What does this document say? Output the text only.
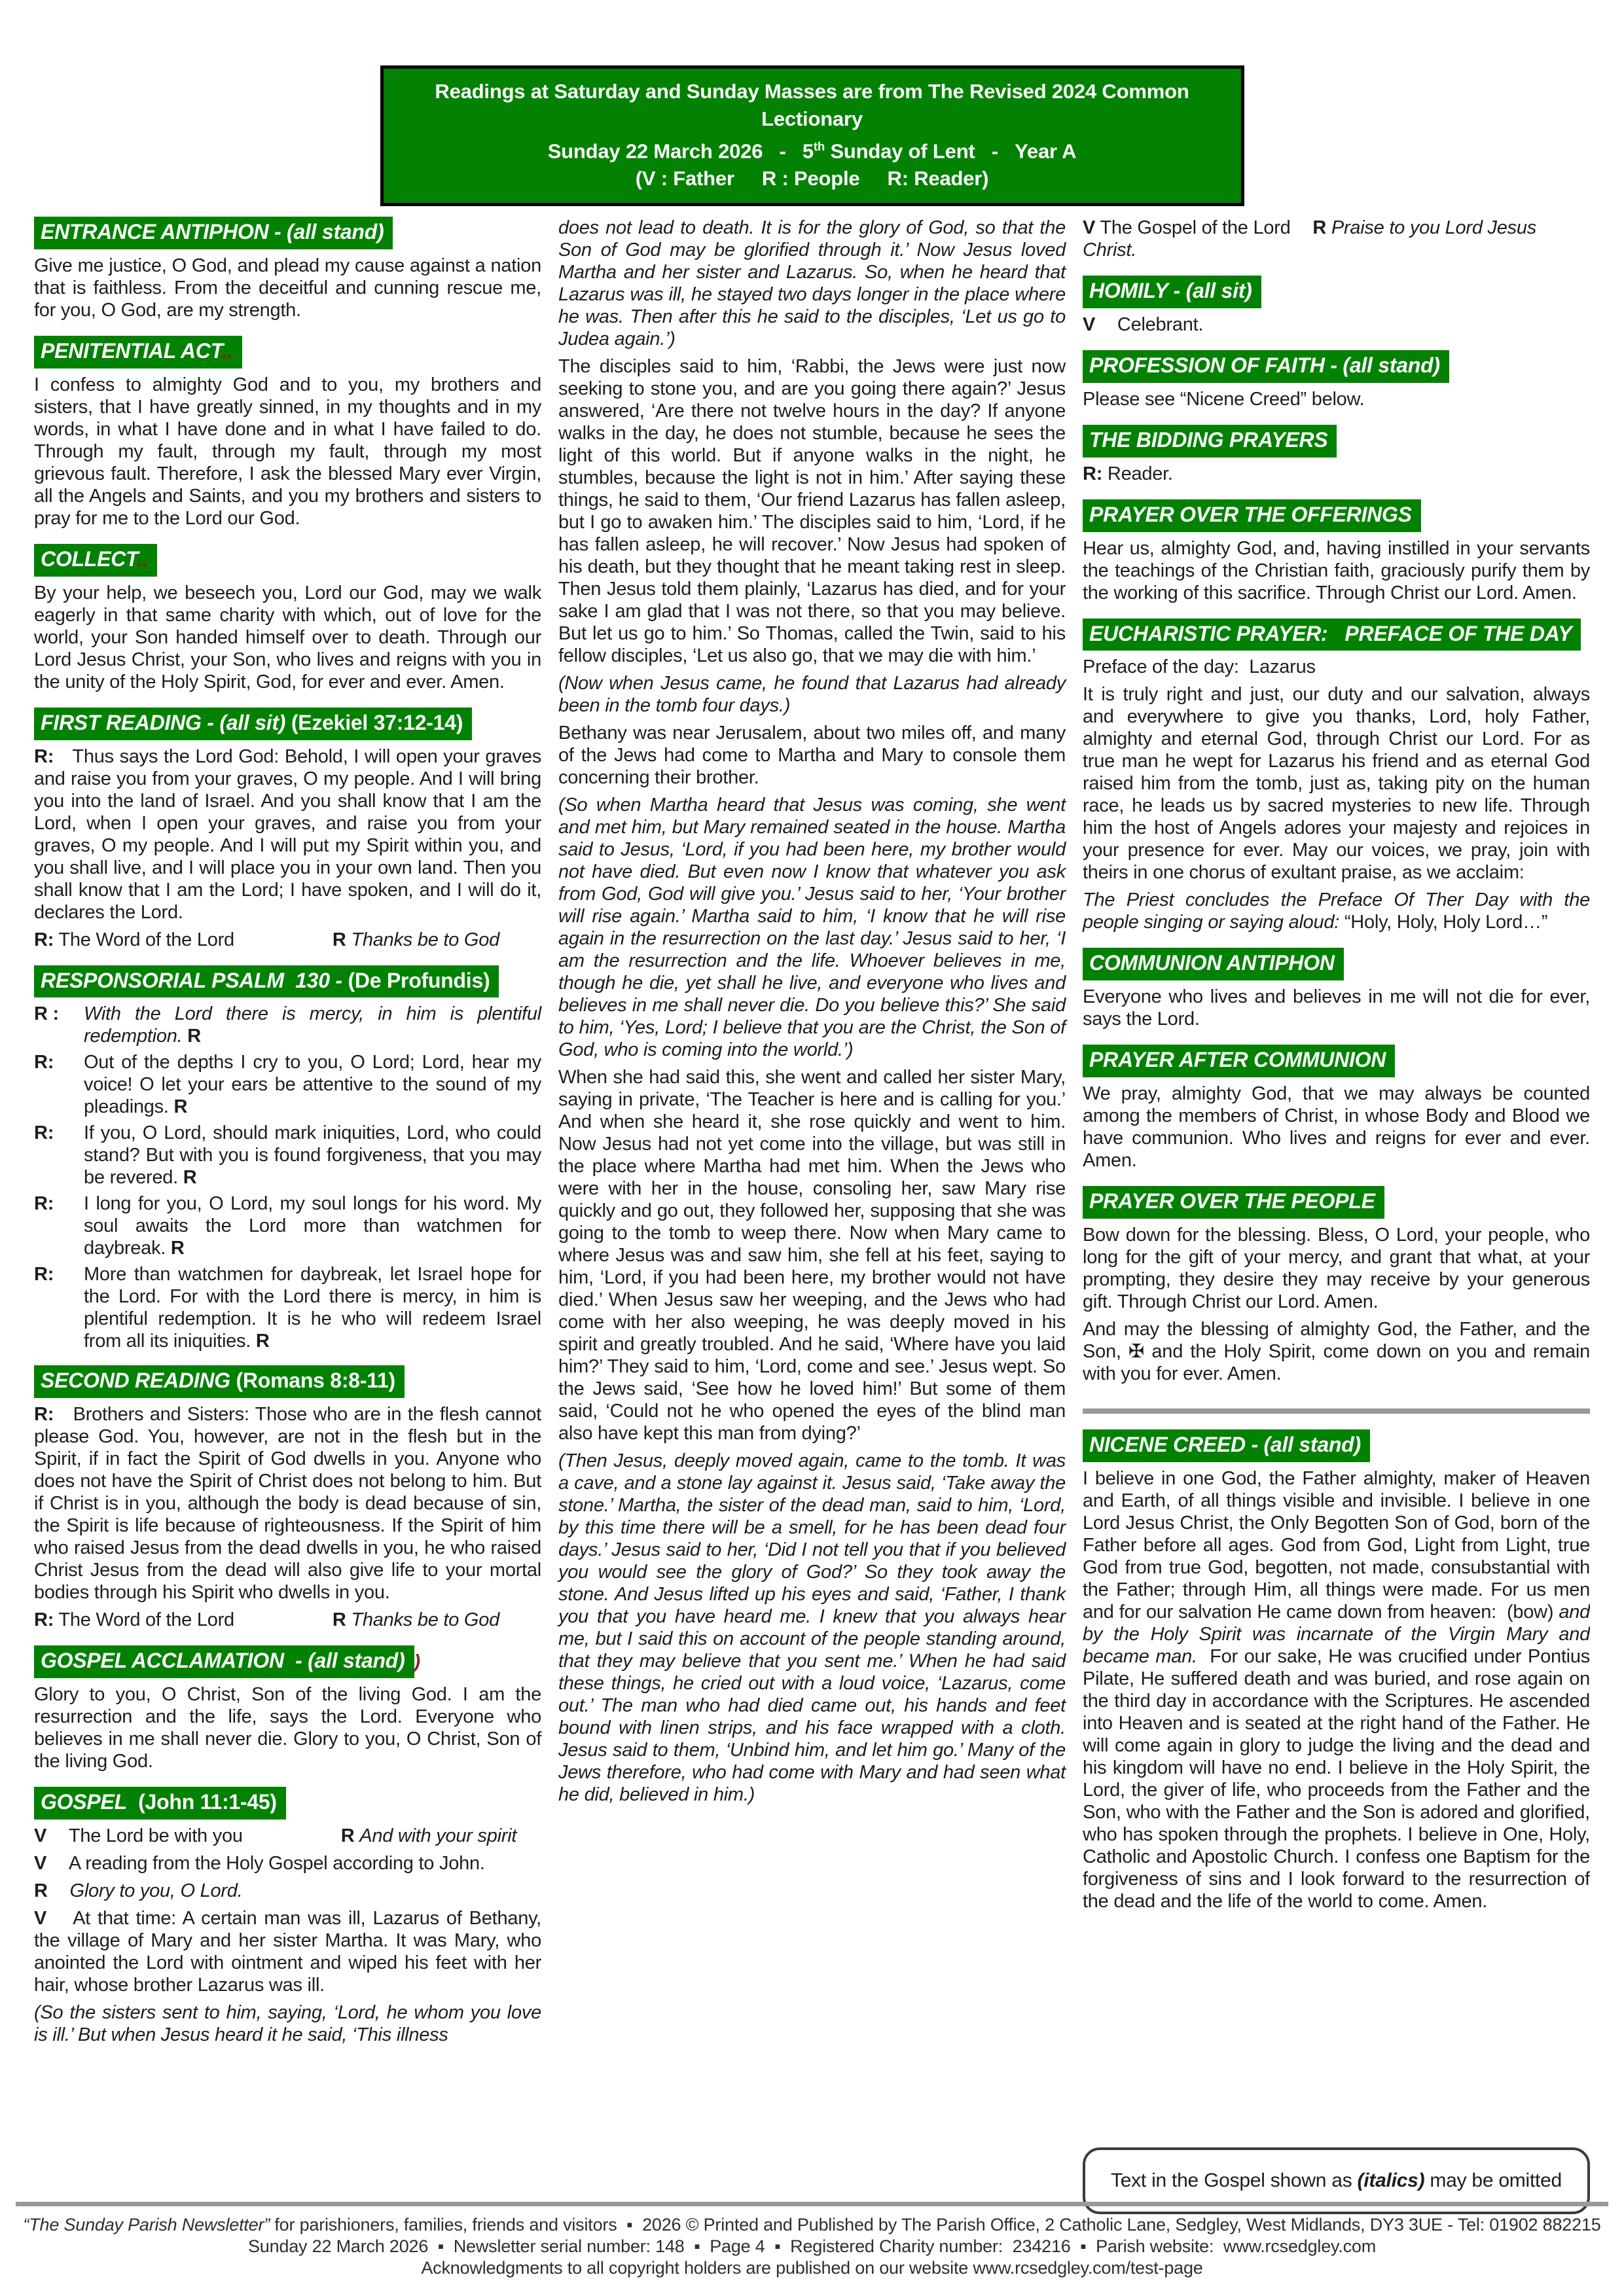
Readings at Saturday and Sunday Masses are from The Revised 2024 Common Lectionary
Sunday 22 March 2026   -   5th Sunday of Lent   -   Year A
(V : Father     R : People     R: Reader)
ENTRANCE ANTIPHON - (all stand)

Give me justice, O God, and plead my cause against a nation that is faithless. From the deceitful and cunning rescue me, for you, O God, are my strength.

PENITENTIAL ACT..

I confess to almighty God and to you, my brothers and sisters, that I have greatly sinned, in my thoughts and in my words, in what I have done and in what I have failed to do. Through my fault, through my fault, through my most grievous fault. Therefore, I ask the blessed Mary ever Virgin, all the Angels and Saints, and you my brothers and sisters to pray for me to the Lord our God.

COLLECT..

By your help, we beseech you, Lord our God, may we walk eagerly in that same charity with which, out of love for the world, your Son handed himself over to death. Through our Lord Jesus Christ, your Son, who lives and reigns with you in the unity of the Holy Spirit, God, for ever and ever. Amen.

FIRST READING - (all sit) (Ezekiel 37:12-14)

R: Thus says the Lord God: Behold, I will open your graves and raise you from your graves, O my people. And I will bring you into the land of Israel. And you shall know that I am the Lord, when I open your graves, and raise you from your graves, O my people. And I will put my Spirit within you, and you shall live, and I will place you in your own land. Then you shall know that I am the Lord; I have spoken, and I will do it, declares the Lord.

R: The Word of the Lord	R Thanks be to God

RESPONSORIAL PSALM  130 - (De Profundis)
R :	With the Lord there is mercy, in him is plentiful redemption. R
R:	Out of the depths I cry to you, O Lord; Lord, hear my voice! O let your ears be attentive to the sound of my pleadings. R
R:	If you, O Lord, should mark iniquities, Lord, who could stand? But with you is found forgiveness, that you may be revered. R
R:	I long for you, O Lord, my soul longs for his word. My soul awaits the Lord more than watchmen for daybreak. R
R:	More than watchmen for daybreak, let Israel hope for the Lord. For with the Lord there is mercy, in him is plentiful redemption. It is he who will redeem Israel from all its iniquities. R
SECOND READING (Romans 8:8-11)

R: Brothers and Sisters: Those who are in the flesh cannot please God. You, however, are not in the flesh but in the Spirit, if in fact the Spirit of God dwells in you. Anyone who does not have the Spirit of Christ does not belong to him. But if Christ is in you, although the body is dead because of sin, the Spirit is life because of righteousness. If the Spirit of him who raised Jesus from the dead dwells in you, he who raised Christ Jesus from the dead will also give life to your mortal bodies through his Spirit who dwells in you.

R: The Word of the Lord	R Thanks be to God

GOSPEL ACCLAMATION  - (all stand) )

Glory to you, O Christ, Son of the living God. I am the resurrection and the life, says the Lord. Everyone who believes in me shall never die. Glory to you, O Christ, Son of the living God.

GOSPEL  (John 11:1-45)

V The Lord be with you	R And with your spirit

V A reading from the Holy Gospel according to John.

R Glory to you, O Lord.

V At that time: A certain man was ill, Lazarus of Bethany, the village of Mary and her sister Martha. It was Mary, who anointed the Lord with ointment and wiped his feet with her hair, whose brother Lazarus was ill.

(So the sisters sent to him, saying, ‘Lord, he whom you love is ill.’ But when Jesus heard it he said, ‘This illness

does not lead to death. It is for the glory of God, so that the Son of God may be glorified through it.’ Now Jesus loved Martha and her sister and Lazarus. So, when he heard that Lazarus was ill, he stayed two days longer in the place where he was. Then after this he said to the disciples, ‘Let us go to Judea again.’)

The disciples said to him, ‘Rabbi, the Jews were just now seeking to stone you, and are you going there again?’ Jesus answered, ‘Are there not twelve hours in the day? If anyone walks in the day, he does not stumble, because he sees the light of this world. But if anyone walks in the night, he stumbles, because the light is not in him.’ After saying these things, he said to them, ‘Our friend Lazarus has fallen asleep, but I go to awaken him.’ The disciples said to him, ‘Lord, if he has fallen asleep, he will recover.’ Now Jesus had spoken of his death, but they thought that he meant taking rest in sleep. Then Jesus told them plainly, ‘Lazarus has died, and for your sake I am glad that I was not there, so that you may believe. But let us go to him.’ So Thomas, called the Twin, said to his fellow disciples, ‘Let us also go, that we may die with him.’

(Now when Jesus came, he found that Lazarus had already been in the tomb four days.)

Bethany was near Jerusalem, about two miles off, and many of the Jews had come to Martha and Mary to console them concerning their brother.

(So when Martha heard that Jesus was coming, she went and met him, but Mary remained seated in the house. Martha said to Jesus, ‘Lord, if you had been here, my brother would not have died. But even now I know that whatever you ask from God, God will give you.’ Jesus said to her, ‘Your brother will rise again.’ Martha said to him, ‘I know that he will rise again in the resurrection on the last day.’ Jesus said to her, ‘I am the resurrection and the life. Whoever believes in me, though he die, yet shall he live, and everyone who lives and believes in me shall never die. Do you believe this?’ She said to him, ‘Yes, Lord; I believe that you are the Christ, the Son of God, who is coming into the world.’)

When she had said this, she went and called her sister Mary, saying in private, ‘The Teacher is here and is calling for you.’ And when she heard it, she rose quickly and went to him. Now Jesus had not yet come into the village, but was still in the place where Martha had met him. When the Jews who were with her in the house, consoling her, saw Mary rise quickly and go out, they followed her, supposing that she was going to the tomb to weep there. Now when Mary came to where Jesus was and saw him, she fell at his feet, saying to him, ‘Lord, if you had been here, my brother would not have died.’ When Jesus saw her weeping, and the Jews who had come with her also weeping, he was deeply moved in his spirit and greatly troubled. And he said, ‘Where have you laid him?’ They said to him, ‘Lord, come and see.’ Jesus wept. So the Jews said, ‘See how he loved him!’ But some of them said, ‘Could not he who opened the eyes of the blind man also have kept this man from dying?’

(Then Jesus, deeply moved again, came to the tomb. It was a cave, and a stone lay against it. Jesus said, ‘Take away the stone.’ Martha, the sister of the dead man, said to him, ‘Lord, by this time there will be a smell, for he has been dead four days.’ Jesus said to her, ‘Did I not tell you that if you believed you would see the glory of God?’ So they took away the stone. And Jesus lifted up his eyes and said, ‘Father, I thank you that you have heard me. I knew that you always hear me, but I said this on account of the people standing around, that they may believe that you sent me.’ When he had said these things, he cried out with a loud voice, ‘Lazarus, come out.’ The man who had died came out, his hands and feet bound with linen strips, and his face wrapped with a cloth. Jesus said to them, ‘Unbind him, and let him go.’ Many of the Jews therefore, who had come with Mary and had seen what he did, believed in him.)

V The Gospel of the Lord R Praise to you Lord Jesus Christ.

HOMILY - (all sit)

V Celebrant.

PROFESSION OF FAITH - (all stand)

Please see “Nicene Creed” below.

THE BIDDING PRAYERS

R: Reader.

PRAYER OVER THE OFFERINGS

Hear us, almighty God, and, having instilled in your servants the teachings of the Christian faith, graciously purify them by the working of this sacrifice. Through Christ our Lord. Amen.

EUCHARISTIC PRAYER:   PREFACE OF THE DAY

Preface of the day:  Lazarus

It is truly right and just, our duty and our salvation, always and everywhere to give you thanks, Lord, holy Father, almighty and eternal God, through Christ our Lord. For as true man he wept for Lazarus his friend and as eternal God raised him from the tomb, just as, taking pity on the human race, he leads us by sacred mysteries to new life. Through him the host of Angels adores your majesty and rejoices in your presence for ever. May our voices, we pray, join with theirs in one chorus of exultant praise, as we acclaim:

The Priest concludes the Preface Of Ther Day with the people singing or saying aloud: “Holy, Holy, Holy Lord…”

COMMUNION ANTIPHON

Everyone who lives and believes in me will not die for ever, says the Lord.

PRAYER AFTER COMMUNION

We pray, almighty God, that we may always be counted among the members of Christ, in whose Body and Blood we have communion. Who lives and reigns for ever and ever. Amen.

PRAYER OVER THE PEOPLE

Bow down for the blessing. Bless, O Lord, your people, who long for the gift of your mercy, and grant that what, at your prompting, they desire they may receive by your generous gift. Through Christ our Lord. Amen.

And may the blessing of almighty God, the Father, and the Son, ✠ and the Holy Spirit, come down on you and remain with you for ever. Amen.

NICENE CREED - (all stand)

I believe in one God, the Father almighty, maker of Heaven and Earth, of all things visible and invisible. I believe in one Lord Jesus Christ, the Only Begotten Son of God, born of the Father before all ages. God from God, Light from Light, true God from true God, begotten, not made, consubstantial with the Father; through Him, all things were made. For us men and for our salvation He came down from heaven:  (bow) and by the Holy Spirit was incarnate of the Virgin Mary and became man.  For our sake, He was crucified under Pontius Pilate, He suffered death and was buried, and rose again on the third day in accordance with the Scriptures. He ascended into Heaven and is seated at the right hand of the Father. He will come again in glory to judge the living and the dead and his kingdom will have no end. I believe in the Holy Spirit, the Lord, the giver of life, who proceeds from the Father and the Son, who with the Father and the Son is adored and glorified, who has spoken through the prophets. I believe in One, Holy, Catholic and Apostolic Church. I confess one Baptism for the forgiveness of sins and I look forward to the resurrection of the dead and the life of the world to come. Amen.

Text in the Gospel shown as (italics) may be omitted
“The Sunday Parish Newsletter” for parishioners, families, friends and visitors  ▪  2026 © Printed and Published by The Parish Office, 2 Catholic Lane, Sedgley, West Midlands, DY3 3UE - Tel: 01902 882215
Sunday 22 March 2026  ▪  Newsletter serial number: 148  ▪  Page 4  ▪  Registered Charity number:  234216  ▪  Parish website:  www.rcsedgley.com
Acknowledgments to all copyright holders are published on our website www.rcsedgley.com/test-page
